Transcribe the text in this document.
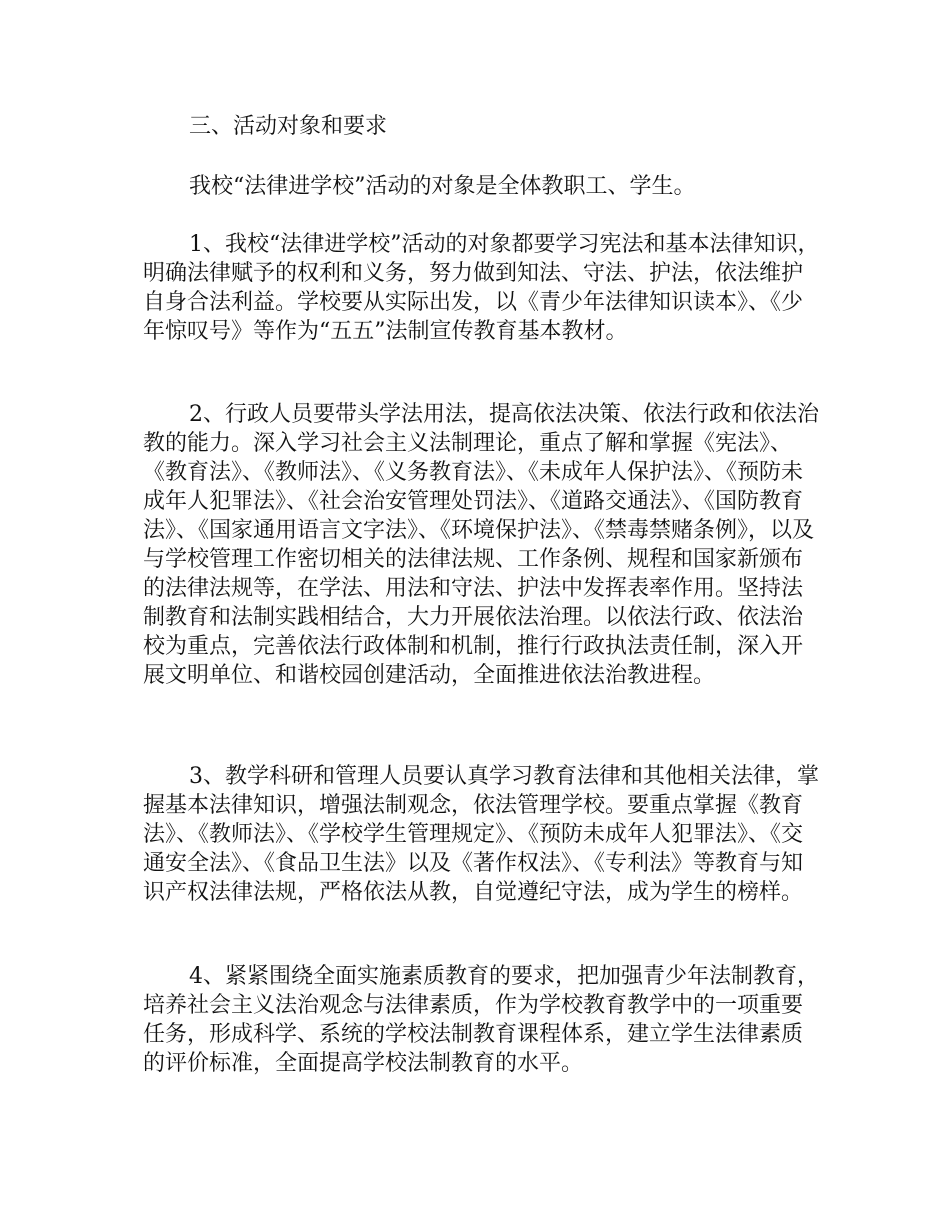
三、活动对象和要求

我校“法律进学校”活动的对象是全体教职工、学生。

1、我校“法律进学校”活动的对象都要学习宪法和基本法律知识，明确法律赋予的权利和义务，努力做到知法、守法、护法，依法维护自身合法利益。学校要从实际出发，以《青少年法律知识读本》、《少年惊叹号》等作为“五五”法制宣传教育基本教材。

2、行政人员要带头学法用法，提高依法决策、依法行政和依法治教的能力。深入学习社会主义法制理论，重点了解和掌握《宪法》、《教育法》、《教师法》、《义务教育法》、《未成年人保护法》、《预防未成年人犯罪法》、《社会治安管理处罚法》、《道路交通法》、《国防教育法》、《国家通用语言文字法》、《环境保护法》、《禁毒禁赌条例》，以及与学校管理工作密切相关的法律法规、工作条例、规程和国家新颁布的法律法规等，在学法、用法和守法、护法中发挥表率作用。坚持法制教育和法制实践相结合，大力开展依法治理。以依法行政、依法治校为重点，完善依法行政体制和机制，推行行政执法责任制，深入开展文明单位、和谐校园创建活动，全面推进依法治教进程。

3、教学科研和管理人员要认真学习教育法律和其他相关法律，掌握基本法律知识，增强法制观念，依法管理学校。要重点掌握《教育法》、《教师法》、《学校学生管理规定》、《预防未成年人犯罪法》、《交通安全法》、《食品卫生法》以及《著作权法》、《专利法》等教育与知识产权法律法规，严格依法从教，自觉遵纪守法，成为学生的榜样。

4、紧紧围绕全面实施素质教育的要求，把加强青少年法制教育，培养社会主义法治观念与法律素质，作为学校教育教学中的一项重要任务，形成科学、系统的学校法制教育课程体系，建立学生法律素质的评价标准，全面提高学校法制教育的水平。
